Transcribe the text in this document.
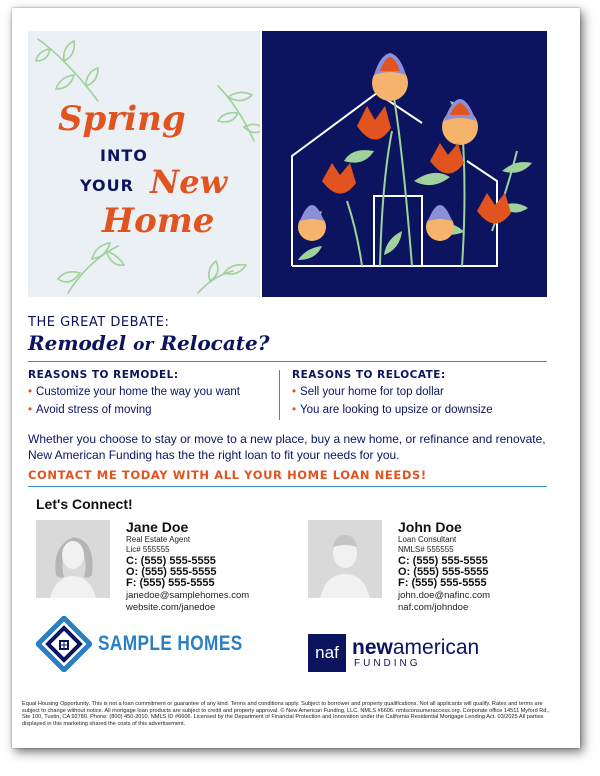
Spring
INTO
YOUR New
Home
THE GREAT DEBATE:
Remodel or Relocate?
REASONS TO REMODEL:
• Customize your home the way you want
• Avoid stress of moving
REASONS TO RELOCATE:
• Sell your home for top dollar
• You are looking to upsize or downsize
Whether you choose to stay or move to a new place, buy a new home, or refinance and renovate, New American Funding has the the right loan to fit your needs for you.
CONTACT ME TODAY WITH ALL YOUR HOME LOAN NEEDS!
Let's Connect!
Jane Doe
Real Estate Agent
Lic# 555555
C: (555) 555-5555
O: (555) 555-5555
F: (555) 555-5555
janedoe@samplehomes.com
website.com/janedoe
John Doe
Loan Consultant
NMLS# 555555
C: (555) 555-5555
O: (555) 555-5555
F: (555) 555-5555
john.doe@nafinc.com
naf.com/johndoe
SAMPLE HOMES	naf newamerican
FUNDING
Equal Housing Opportunity. This is not a loan commitment or guarantee of any kind. Terms and conditions apply. Subject to borrower and property qualifications. Not all applicants will qualify. Rates and terms are subject to change without notice. All mortgage loan products are subject to credit and property approval. © New American Funding, LLC. NMLS #6606. nmlsconsumeraccess.org. Corporate office 14511 Myford Rd., Ste 100, Tustin, CA 92780. Phone: (800) 450-2010. NMLS ID #6606. Licensed by the Department of Financial Protection and Innovation under the California Residential Mortgage Lending Act. 03/2025 All parties displayed in this marketing shared the costs of this advertisement.
